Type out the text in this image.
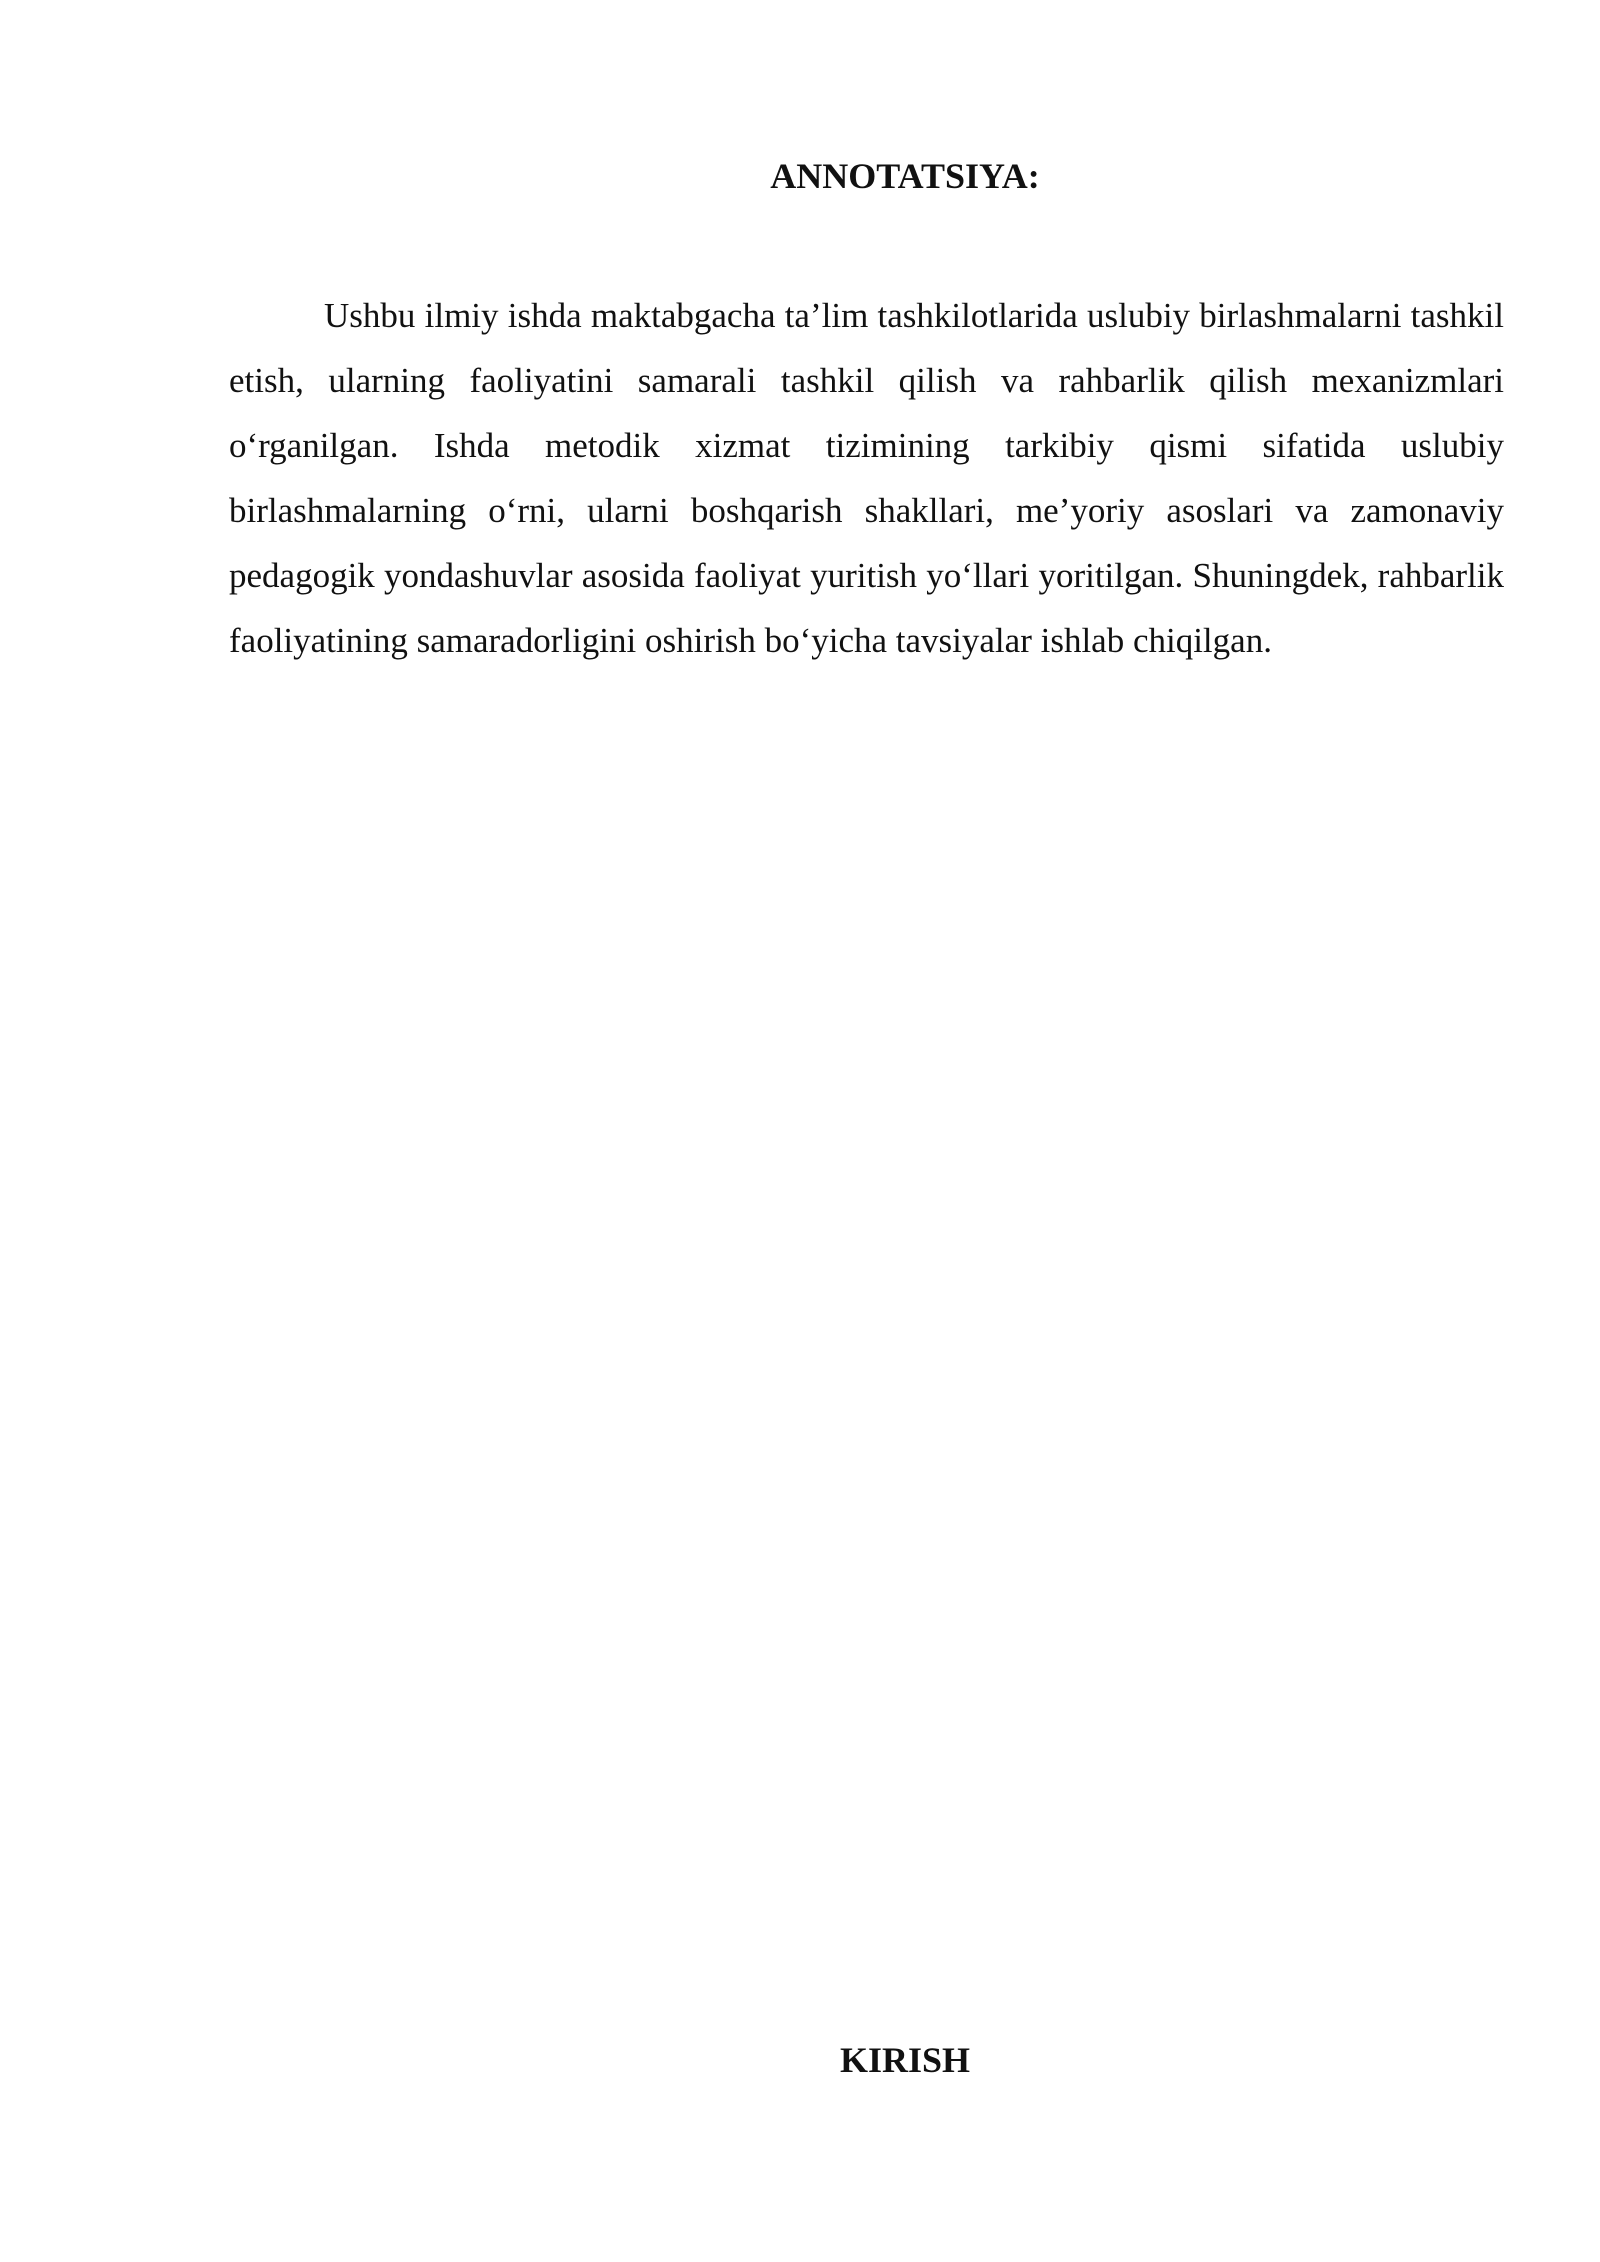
ANNOTATSIYA:

Ushbu ilmiy ishda maktabgacha ta’lim tashkilotlarida uslubiy birlashmalarni tashkil etish, ularning faoliyatini samarali tashkil qilish va rahbarlik qilish mexanizmlari o‘rganilgan. Ishda metodik xizmat tizimining tarkibiy qismi sifatida uslubiy birlashmalarning o‘rni, ularni boshqarish shakllari, me’yoriy asoslari va zamonaviy pedagogik yondashuvlar asosida faoliyat yuritish yo‘llari yoritilgan. Shuningdek, rahbarlik faoliyatining samaradorligini oshirish bo‘yicha tavsiyalar ishlab chiqilgan.

KIRISH
